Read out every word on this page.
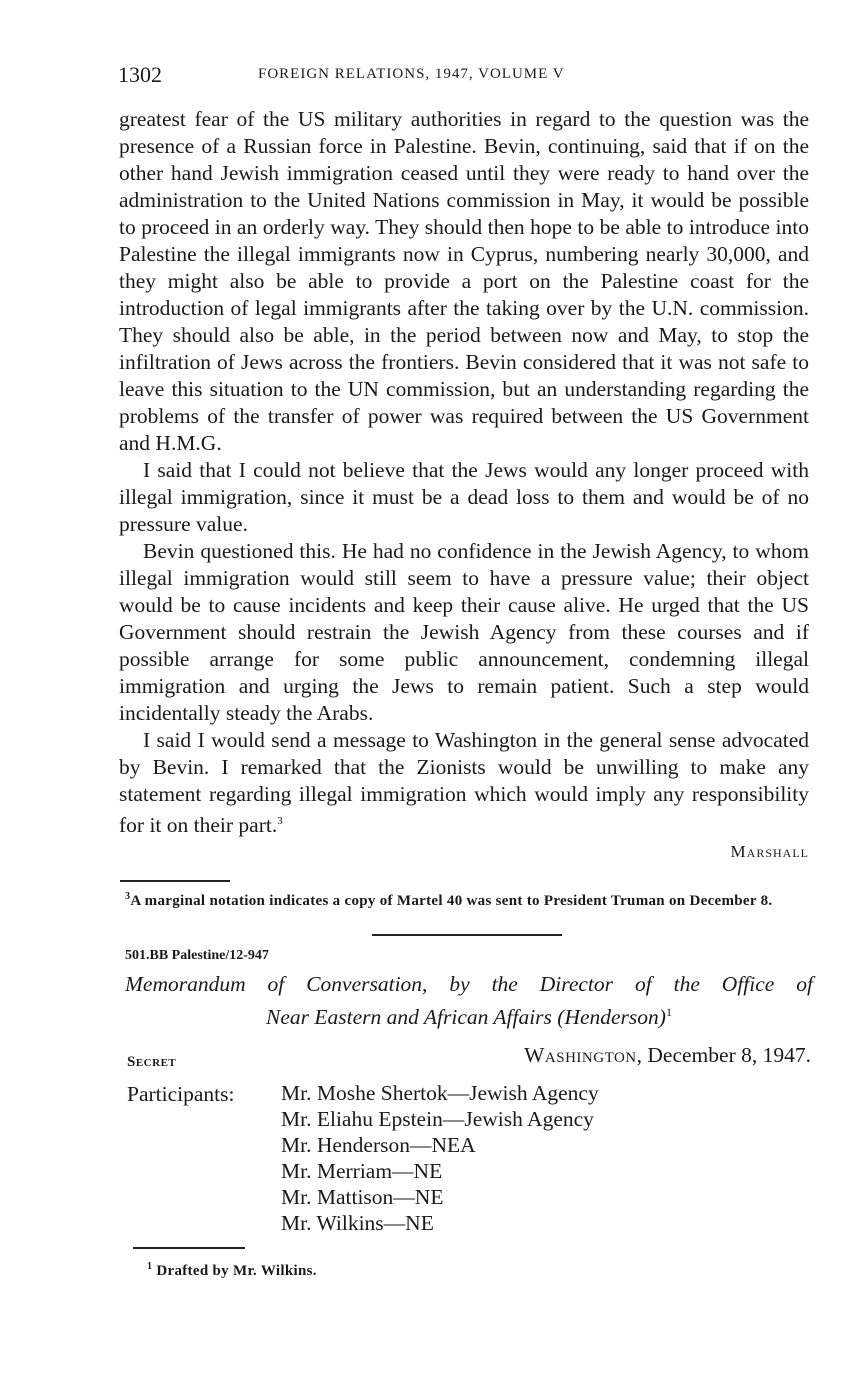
1302	FOREIGN RELATIONS, 1947, VOLUME V

greatest fear of the US military authorities in regard to the question was the presence of a Russian force in Palestine. Bevin, continuing, said that if on the other hand Jewish immigration ceased until they were ready to hand over the administration to the United Nations commission in May, it would be possible to proceed in an orderly way. They should then hope to be able to introduce into Palestine the illegal immigrants now in Cyprus, numbering nearly 30,000, and they might also be able to provide a port on the Palestine coast for the introduction of legal immigrants after the taking over by the U.N. commission. They should also be able, in the period between now and May, to stop the infiltration of Jews across the frontiers. Bevin considered that it was not safe to leave this situation to the UN commission, but an understanding regarding the problems of the transfer of power was required between the US Government and H.M.G.

I said that I could not believe that the Jews would any longer proceed with illegal immigration, since it must be a dead loss to them and would be of no pressure value.

Bevin questioned this. He had no confidence in the Jewish Agency, to whom illegal immigration would still seem to have a pressure value; their object would be to cause incidents and keep their cause alive. He urged that the US Government should restrain the Jewish Agency from these courses and if possible arrange for some public announcement, condemning illegal immigration and urging the Jews to remain patient. Such a step would incidentally steady the Arabs.

I said I would send a message to Washington in the general sense advocated by Bevin. I remarked that the Zionists would be unwilling to make any statement regarding illegal immigration which would imply any responsibility for it on their part.$^3$

Marshall
$^3$A marginal notation indicates a copy of Martel 40 was sent to President Truman on December 8.
501.BB Palestine/12-947
Memorandum of Conversation, by the Director of the Office of
Near Eastern and African Affairs (Henderson)$^1$
Secret	Washington, December 8, 1947.
Participants: Mr. Moshe Shertok—Jewish Agency
Mr. Eliahu Epstein—Jewish Agency
Mr. Henderson—NEA
Mr. Merriam—NE
Mr. Mattison—NE
Mr. Wilkins—NE
$^1$ Drafted by Mr. Wilkins.
